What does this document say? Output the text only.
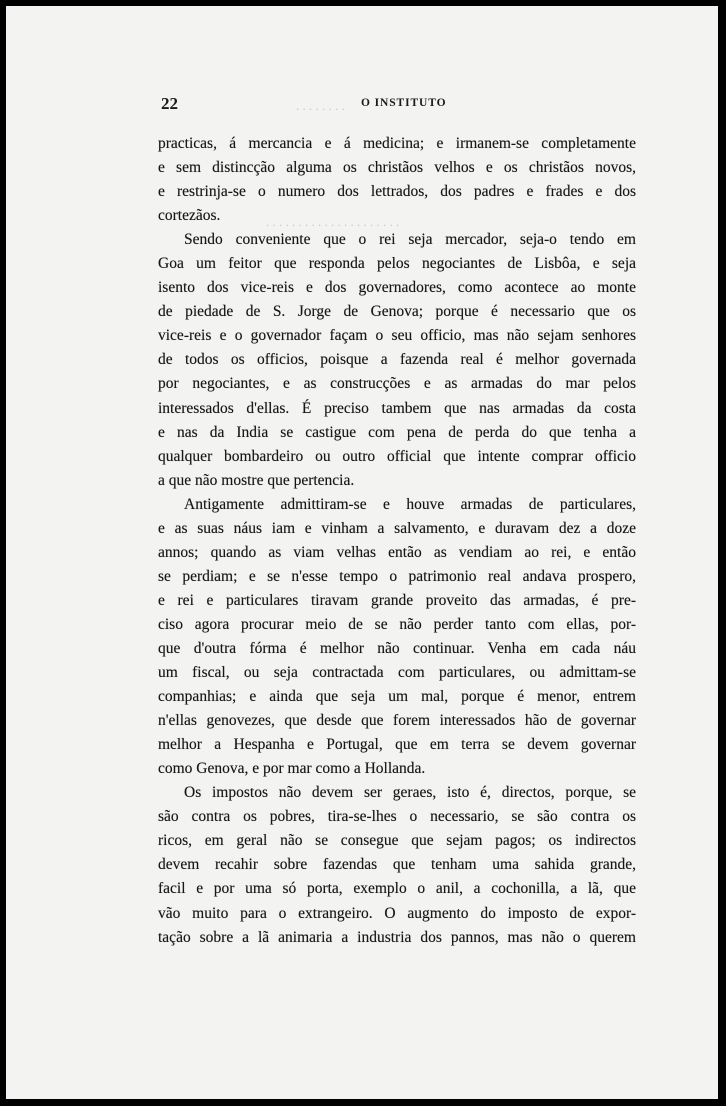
. . . . . . . .
. . . . . . . . . . . . . . . . . . . . .
22	O INSTITUTO
practicas, á mercancia e á medicina; e irmanem-se completamente
e sem distincção alguma os christãos velhos e os christãos novos,
e restrinja-se o numero dos lettrados, dos padres e frades e dos
cortezãos.
Sendo conveniente que o rei seja mercador, seja-o tendo em
Goa um feitor que responda pelos negociantes de Lisbôa, e seja
isento dos vice-reis e dos governadores, como acontece ao monte
de piedade de S. Jorge de Genova; porque é necessario que os
vice-reis e o governador façam o seu officio, mas não sejam senhores
de todos os officios, poisque a fazenda real é melhor governada
por negociantes, e as construcções e as armadas do mar pelos
interessados d'ellas. É preciso tambem que nas armadas da costa
e nas da India se castigue com pena de perda do que tenha a
qualquer bombardeiro ou outro official que intente comprar officio
a que não mostre que pertencia.
Antigamente admittiram-se e houve armadas de particulares,
e as suas náus iam e vinham a salvamento, e duravam dez a doze
annos; quando as viam velhas então as vendiam ao rei, e então
se perdiam; e se n'esse tempo o patrimonio real andava prospero,
e rei e particulares tiravam grande proveito das armadas, é pre-
ciso agora procurar meio de se não perder tanto com ellas, por-
que d'outra fórma é melhor não continuar. Venha em cada náu
um fiscal, ou seja contractada com particulares, ou admittam-se
companhias; e ainda que seja um mal, porque é menor, entrem
n'ellas genovezes, que desde que forem interessados hão de governar
melhor a Hespanha e Portugal, que em terra se devem governar
como Genova, e por mar como a Hollanda.
Os impostos não devem ser geraes, isto é, directos, porque, se
são contra os pobres, tira-se-lhes o necessario, se são contra os
ricos, em geral não se consegue que sejam pagos; os indirectos
devem recahir sobre fazendas que tenham uma sahida grande,
facil e por uma só porta, exemplo o anil, a cochonilla, a lã, que
vão muito para o extrangeiro. O augmento do imposto de expor-
tação sobre a lã animaria a industria dos pannos, mas não o querem
